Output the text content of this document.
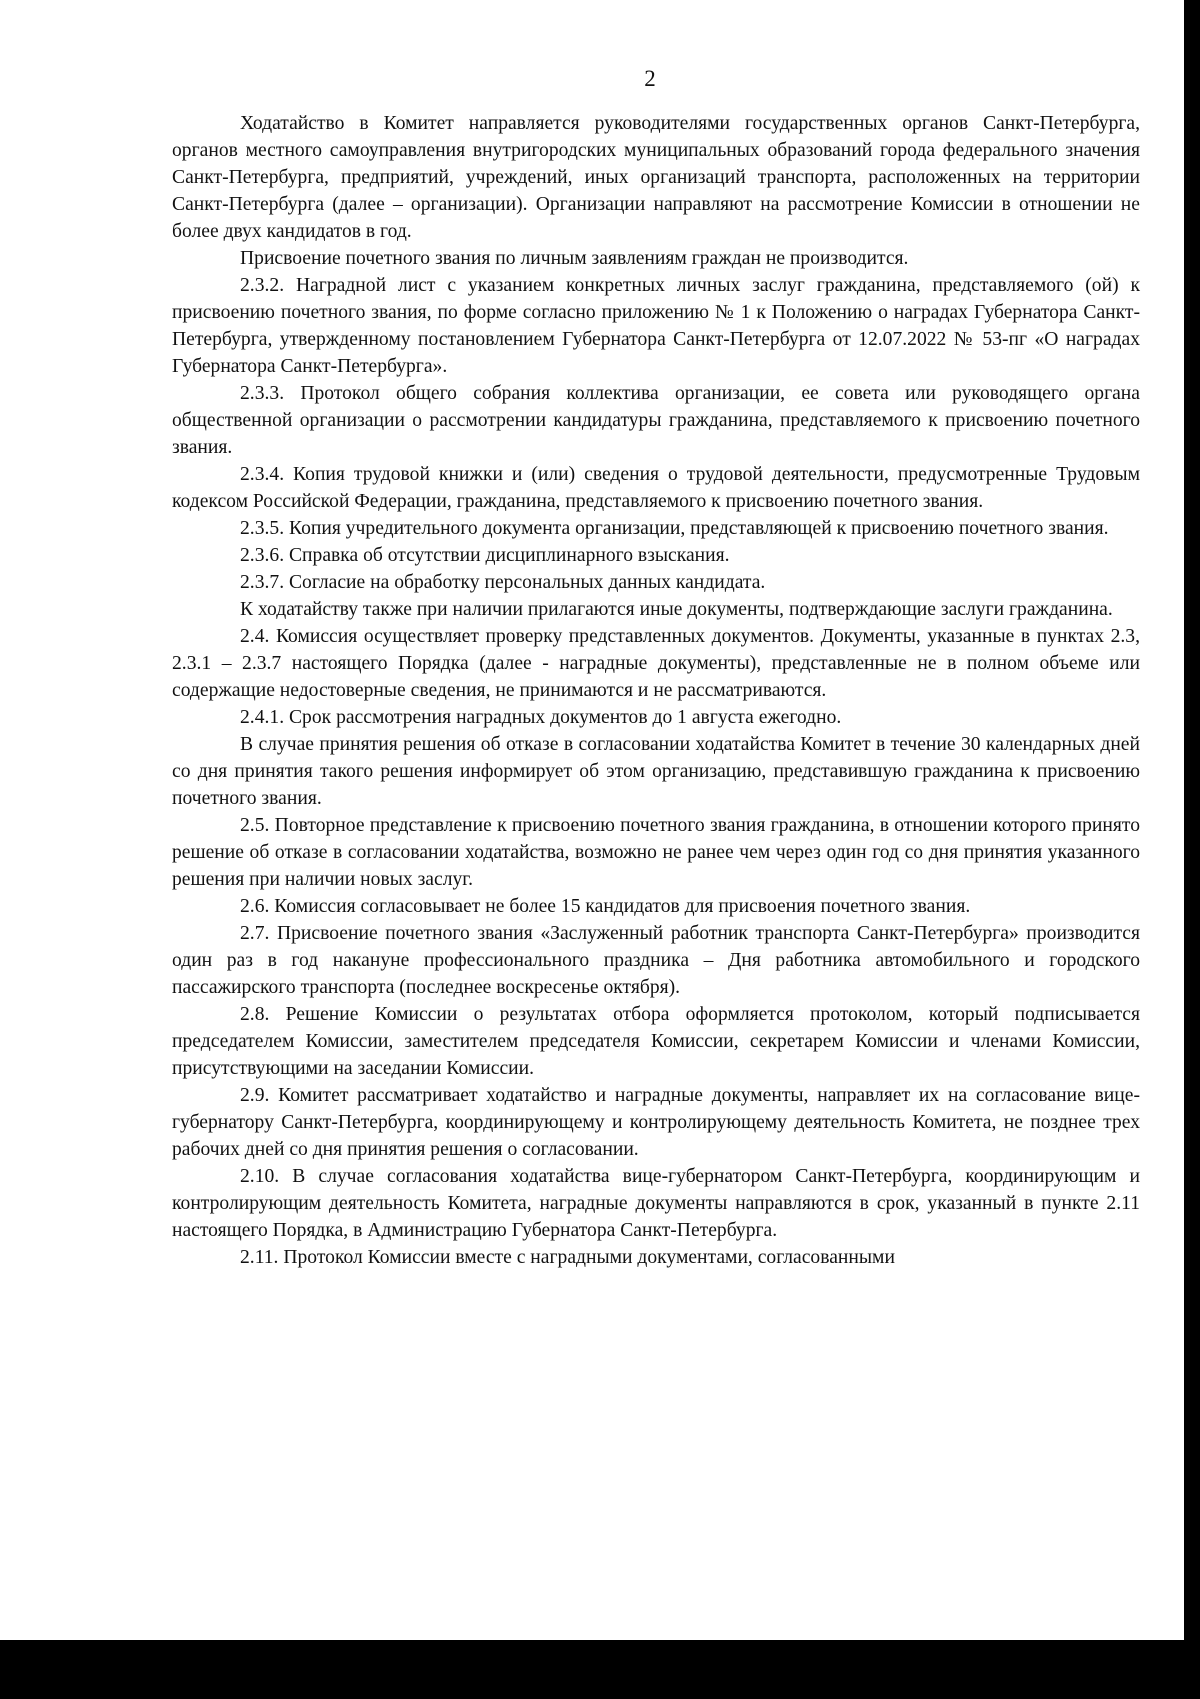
2

Ходатайство в Комитет направляется руководителями государственных органов Санкт-Петербурга, органов местного самоуправления внутригородских муниципальных образований города федерального значения Санкт-Петербурга, предприятий, учреждений, иных организаций транспорта, расположенных на территории Санкт-Петербурга (далее – организации). Организации направляют на рассмотрение Комиссии в отношении не более двух кандидатов в год.

Присвоение почетного звания по личным заявлениям граждан не производится.

2.3.2. Наградной лист с указанием конкретных личных заслуг гражданина, представляемого (ой) к присвоению почетного звания, по форме согласно приложению № 1 к Положению о наградах Губернатора Санкт-Петербурга, утвержденному постановлением Губернатора Санкт-Петербурга от 12.07.2022 № 53-пг «О наградах Губернатора Санкт-Петербурга».

2.3.3. Протокол общего собрания коллектива организации, ее совета или руководящего органа общественной организации о рассмотрении кандидатуры гражданина, представляемого к присвоению почетного звания.

2.3.4. Копия трудовой книжки и (или) сведения о трудовой деятельности, предусмотренные Трудовым кодексом Российской Федерации, гражданина, представляемого к присвоению почетного звания.

2.3.5. Копия учредительного документа организации, представляющей к присвоению почетного звания.

2.3.6. Справка об отсутствии дисциплинарного взыскания.

2.3.7. Согласие на обработку персональных данных кандидата.

К ходатайству также при наличии прилагаются иные документы, подтверждающие заслуги гражданина.

2.4. Комиссия осуществляет проверку представленных документов. Документы, указанные в пунктах 2.3, 2.3.1 – 2.3.7 настоящего Порядка (далее - наградные документы), представленные не в полном объеме или содержащие недостоверные сведения, не принимаются и не рассматриваются.

2.4.1. Срок рассмотрения наградных документов до 1 августа ежегодно.

В случае принятия решения об отказе в согласовании ходатайства Комитет в течение 30 календарных дней со дня принятия такого решения информирует об этом организацию, представившую гражданина к присвоению почетного звания.

2.5. Повторное представление к присвоению почетного звания гражданина, в отношении которого принято решение об отказе в согласовании ходатайства, возможно не ранее чем через один год со дня принятия указанного решения при наличии новых заслуг.

2.6. Комиссия согласовывает не более 15 кандидатов для присвоения почетного звания.

2.7. Присвоение почетного звания «Заслуженный работник транспорта Санкт-Петербурга» производится один раз в год накануне профессионального праздника – Дня работника автомобильного и городского пассажирского транспорта (последнее воскресенье октября).

2.8. Решение Комиссии о результатах отбора оформляется протоколом, который подписывается председателем Комиссии, заместителем председателя Комиссии, секретарем Комиссии и членами Комиссии, присутствующими на заседании Комиссии.

2.9. Комитет рассматривает ходатайство и наградные документы, направляет их на согласование вице-губернатору Санкт-Петербурга, координирующему и контролирующему деятельность Комитета, не позднее трех рабочих дней со дня принятия решения о согласовании.

2.10. В случае согласования ходатайства вице-губернатором Санкт-Петербурга, координирующим и контролирующим деятельность Комитета, наградные документы направляются в срок, указанный в пункте 2.11 настоящего Порядка, в Администрацию Губернатора Санкт-Петербурга.

2.11. Протокол Комиссии вместе с наградными документами, согласованными
